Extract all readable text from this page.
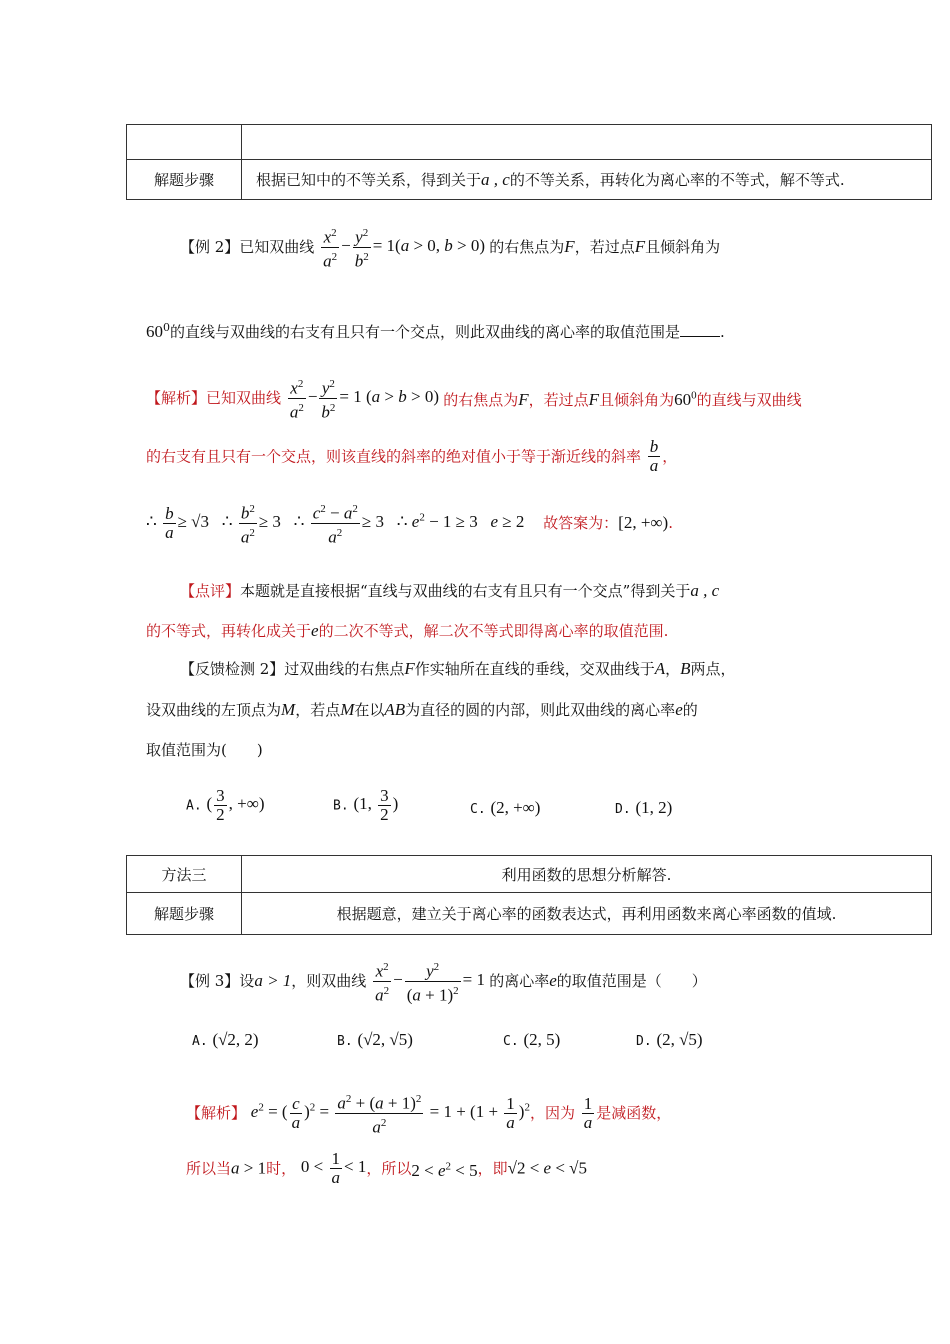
解题步骤	根据已知中的不等关系，得到关于a , c的不等关系，再转化为离心率的不等式，解不等式.
【例 2】已知双曲线 $\frac{x^2}{a^2} - \frac{y^2}{b^2} = 1(a > 0$, b > 0) 的右焦点为F，若过点F且倾斜角为
$60^0$的直线与双曲线的右支有且只有一个交点，则此双曲线的离心率的取值范围是	.
【解析】已知双曲线 $\frac{x^2}{a^2} - \frac{y^2}{b^2} = 1$ (a > b > 0) 的右焦点为F，若过点F且倾斜角为$60^0$的直线与双曲线
的右支有且只有一个交点，则该直线的斜率的绝对值小于等于渐近线的斜率 $\frac{b}{a}$ ，
∴ $\frac{b}{a} \ge √3$   ∴ $\frac{b^2}{a^2} \ge 3$   ∴ $\frac{c^2 - a^2}{a^2} \ge 3$   ∴ $e^2 - 1 \ge 3$   e ≥ 2 故答案为：[2, +∞).
【点评】本题就是直接根据“直线与双曲线的右支有且只有一个交点”得到关于a , c
的不等式，再转化成关于e的二次不等式，解二次不等式即得离心率的取值范围.
【反馈检测 2】过双曲线的右焦点F作实轴所在直线的垂线，交双曲线于A，B两点，
设双曲线的左顶点为M，若点M在以AB为直径的圆的内部，则此双曲线的离心率e的
取值范围为(　　)
A. ( $\frac{3}{2}$ , +∞)	B. (1, $\frac{3}{2}$ )	C. (2, +∞)	D. (1, 2)
方法三	利用函数的思想分析解答.
解题步骤	根据题意，建立关于离心率的函数表达式，再利用函数来离心率函数的值域.
【例 3】设a > 1，则双曲线 $\frac{x^2}{a^2} - \frac{y^2}{(a + 1)^2} = 1$ 的离心率e的取值范围是（　　）
A. (√2, 2)	B. (√2, √5)	C. (2, 5)	D. (2, √5)
【解析】 $e^2$ = ( $\frac{c}{a} )^2 = \frac{a^2 + (a + 1)^2}{a^2} = 1 + (1 + \frac{1}{a} )^2$，因为 $\frac{1}{a}$ 是减函数，
所以当a > 1时， $0 < \frac{1}{a} < 1$，所以$2 < e^2 < 5$，即√2 < e < √5
